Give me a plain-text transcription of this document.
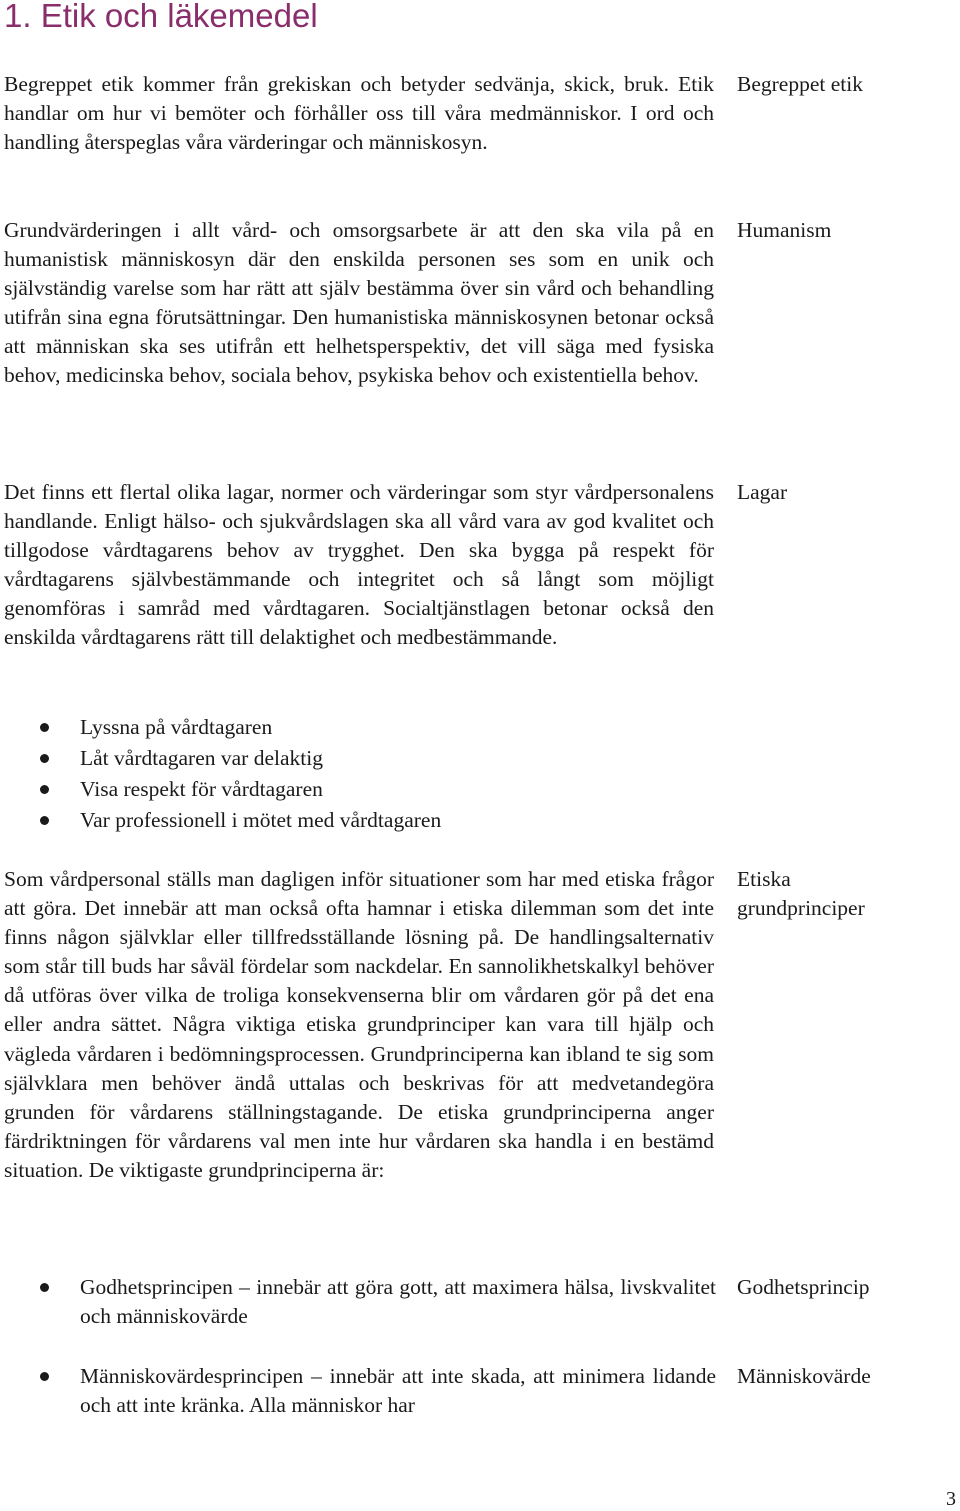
1. Etik och läkemedel

Begreppet etik kommer från grekiskan och betyder sedvänja, skick, bruk. Etik handlar om hur vi bemöter och förhåller oss till våra medmänniskor. I ord och handling återspeglas våra värderingar och människosyn.

Begreppet etik

Grundvärderingen i allt vård- och omsorgsarbete är att den ska vila på en humanistisk människosyn där den enskilda personen ses som en unik och självständig varelse som har rätt att själv bestämma över sin vård och behandling utifrån sina egna förutsättningar. Den humanistiska människosynen betonar också att människan ska ses utifrån ett helhetsperspektiv, det vill säga med fysiska behov, medicinska behov, sociala behov, psykiska behov och existentiella behov.

Humanism

Det finns ett flertal olika lagar, normer och värderingar som styr vårdpersonalens handlande. Enligt hälso- och sjukvårdslagen ska all vård vara av god kvalitet och tillgodose vårdtagarens behov av trygghet. Den ska bygga på respekt för vårdtagarens självbestämmande och integritet och så långt som möjligt genomföras i samråd med vårdtagaren. Socialtjänstlagen betonar också den enskilda vårdtagarens rätt till delaktighet och medbestämmande.

Lagar

Lyssna på vårdtagaren
Låt vårdtagaren var delaktig
Visa respekt för vårdtagaren
Var professionell i mötet med vårdtagaren

Som vårdpersonal ställs man dagligen inför situationer som har med etiska frågor att göra. Det innebär att man också ofta hamnar i etiska dilemman som det inte finns någon självklar eller tillfredsställande lösning på. De handlingsalternativ som står till buds har såväl fördelar som nackdelar. En sannolikhetskalkyl behöver då utföras över vilka de troliga konsekvenserna blir om vårdaren gör på det ena eller andra sättet. Några viktiga etiska grundprinciper kan vara till hjälp och vägleda vårdaren i bedömningsprocessen. Grundprinciperna kan ibland te sig som självklara men behöver ändå uttalas och beskrivas för att medvetandegöra grunden för vårdarens ställningstagande. De etiska grundprinciperna anger färdriktningen för vårdarens val men inte hur vårdaren ska handla i en bestämd situation. De viktigaste grundprinciperna är:

Etiska grundprinciper

Godhetsprincipen – innebär att göra gott, att maximera hälsa, livskvalitet och människovärde

Godhetsprincip

Människovärdesprincipen – innebär att inte skada, att minimera lidande och att inte kränka. Alla människor har

Människovärde

3
